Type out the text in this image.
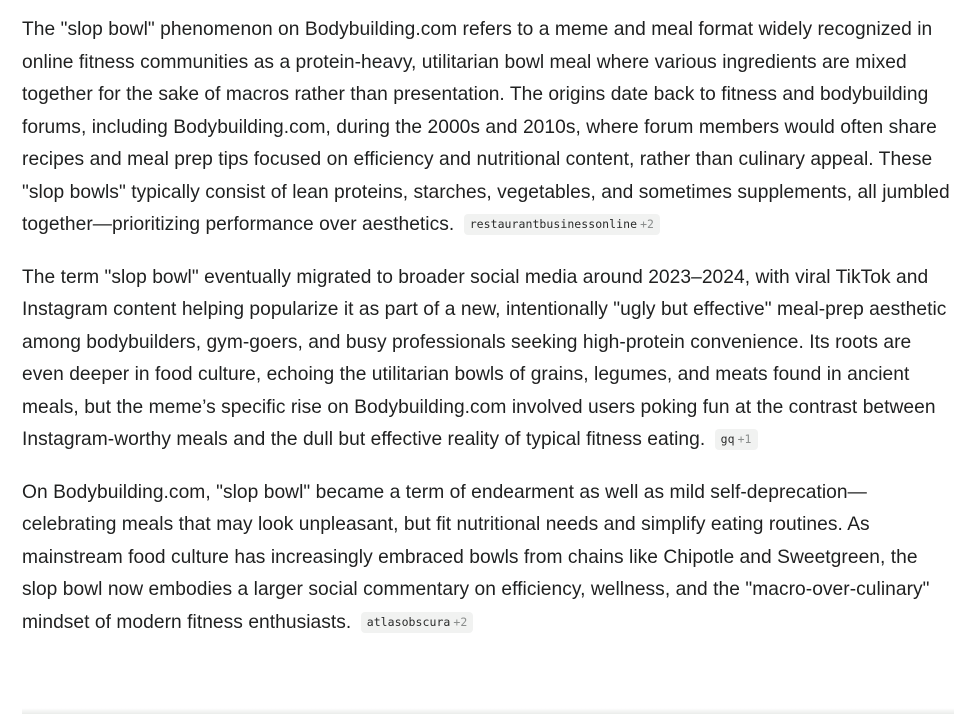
The "slop bowl" phenomenon on Bodybuilding.com refers to a meme and meal format widely recognized in online fitness communities as a protein-heavy, utilitarian bowl meal where various ingredients are mixed together for the sake of macros rather than presentation. The origins date back to fitness and bodybuilding forums, including Bodybuilding.com, during the 2000s and 2010s, where forum members would often share recipes and meal prep tips focused on efficiency and nutritional content, rather than culinary appeal. These "slop bowls" typically consist of lean proteins, starches, vegetables, and sometimes supplements, all jumbled together—prioritizing performance over aesthetics. restaurantbusinessonline +2

The term "slop bowl" eventually migrated to broader social media around 2023–2024, with viral TikTok and Instagram content helping popularize it as part of a new, intentionally "ugly but effective" meal-prep aesthetic among bodybuilders, gym-goers, and busy professionals seeking high-protein convenience. Its roots are even deeper in food culture, echoing the utilitarian bowls of grains, legumes, and meats found in ancient meals, but the meme’s specific rise on Bodybuilding.com involved users poking fun at the contrast between Instagram-worthy meals and the dull but effective reality of typical fitness eating. gq +1

On Bodybuilding.com, "slop bowl" became a term of endearment as well as mild self-deprecation—celebrating meals that may look unpleasant, but fit nutritional needs and simplify eating routines. As mainstream food culture has increasingly embraced bowls from chains like Chipotle and Sweetgreen, the slop bowl now embodies a larger social commentary on efficiency, wellness, and the "macro-over-culinary" mindset of modern fitness enthusiasts. atlasobscura +2
